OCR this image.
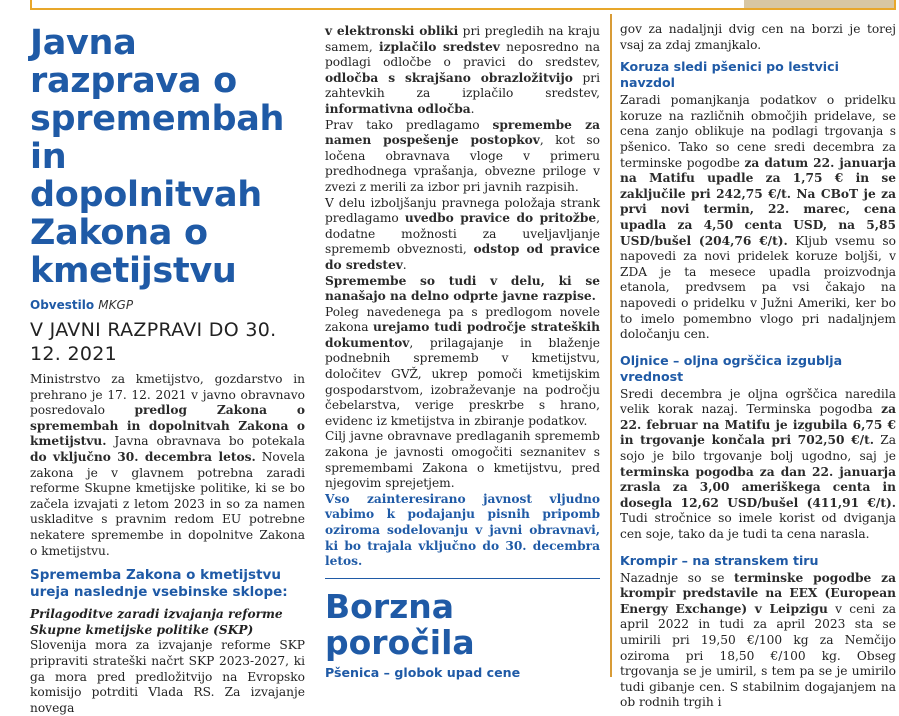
Javna razprava o spremembah in dopolnitvah Zakona o kmetijstvu
Obvestilo MKGP
V JAVNI RAZPRAVI DO 30. 12. 2021

Ministrstvo za kmetijstvo, gozdarstvo in prehrano je 17. 12. 2021 v javno obravnavo posredovalo predlog Zakona o spremembah in dopolnitvah Zakona o kmetijstvu. Javna obravnava bo potekala do vključno 30. decembra letos. Novela zakona je v glavnem potrebna zaradi reforme Skupne kmetijske politike, ki se bo začela izvajati z letom 2023 in so za namen uskladitve s pravnim redom EU potrebne nekatere spremembe in dopolnitve Zakona o kmetijstvu.

Sprememba Zakona o kmetijstvu ureja naslednje vsebinske sklope:
Prilagoditve zaradi izvajanja reforme Skupne kmetijske politike (SKP)

Slovenija mora za izvajanje reforme SKP pripraviti strateški načrt SKP 2023-2027, ki ga mora pred predložitvijo na Evropsko komisijo potrditi Vlada RS. Za izvajanje novega

v elektronski obliki pri pregledih na kraju samem, izplačilo sredstev neposredno na podlagi odločbe o pravici do sredstev, odločba s skrajšano obrazložitvijo pri zahtevkih za izplačilo sredstev, informativna odločba.

Prav tako predlagamo spremembe za namen pospešenje postopkov, kot so ločena obravnava vloge v primeru predhodnega vprašanja, obvezne priloge v zvezi z merili za izbor pri javnih razpisih.

V delu izboljšanju pravnega položaja strank predlagamo uvedbo pravice do pritožbe, dodatne možnosti za uveljavljanje sprememb obveznosti, odstop od pravice do sredstev.

Spremembe so tudi v delu, ki se nanašajo na delno odprte javne razpise.

Poleg navedenega pa s predlogom novele zakona urejamo tudi področje strateških dokumentov, prilagajanje in blaženje podnebnih sprememb v kmetijstvu, določitev GVŽ, ukrep pomoči kmetijskim gospodarstvom, izobraževanje na področju čebelarstva, verige preskrbe s hrano, evidenc iz kmetijstva in zbiranje podatkov.

Cilj javne obravnave predlaganih sprememb zakona je javnosti omogočiti seznanitev s spremembami Zakona o kmetijstvu, pred njegovim sprejetjem.

Vso zainteresirano javnost vljudno vabimo k podajanju pisnih pripomb oziroma sodelovanju v javni obravnavi, ki bo trajala vključno do 30. decembra letos.

Borzna poročila
Pšenica – globok upad cene

gov za nadaljnji dvig cen na borzi je torej vsaj za zdaj zmanjkalo.

Koruza sledi pšenici po lestvici navzdol

Zaradi pomanjkanja podatkov o pridelku koruze na različnih območjih pridelave, se cena zanjo oblikuje na podlagi trgovanja s pšenico. Tako so cene sredi decembra za terminske pogodbe za datum 22. januarja na Matifu upadle za 1,75 € in se zaključile pri 242,75 €/t. Na CBoT je za prvi novi termin, 22. marec, cena upadla za 4,50 centa USD, na 5,85 USD/bušel (204,76 €/t). Kljub vsemu so napovedi za novi pridelek koruze boljši, v ZDA je ta mesece upadla proizvodnja etanola, predvsem pa vsi čakajo na napovedi o pridelku v Južni Ameriki, ker bo to imelo pomembno vlogo pri nadaljnjem določanju cen.

Oljnice – oljna ogrščica izgublja vrednost

Sredi decembra je oljna ogrščica naredila velik korak nazaj. Terminska pogodba za 22. februar na Matifu je izgubila 6,75 € in trgovanje končala pri 702,50 €/t. Za sojo je bilo trgovanje bolj ugodno, saj je terminska pogodba za dan 22. januarja zrasla za 3,00 ameriškega centa in dosegla 12,62 USD/bušel (411,91 €/t). Tudi stročnice so imele korist od dviganja cen soje, tako da je tudi ta cena narasla.

Krompir – na stranskem tiru

Nazadnje so se terminske pogodbe za krompir predstavile na EEX (European Energy Exchange) v Leipzigu v ceni za april 2022 in tudi za april 2023 sta se umirili pri 19,50 €/100 kg za Nemčijo oziroma pri 18,50 €/100 kg. Obseg trgovanja se je umiril, s tem pa se je umirilo tudi gibanje cen. S stabilnim dogajanjem na ob rodnih trgih i
